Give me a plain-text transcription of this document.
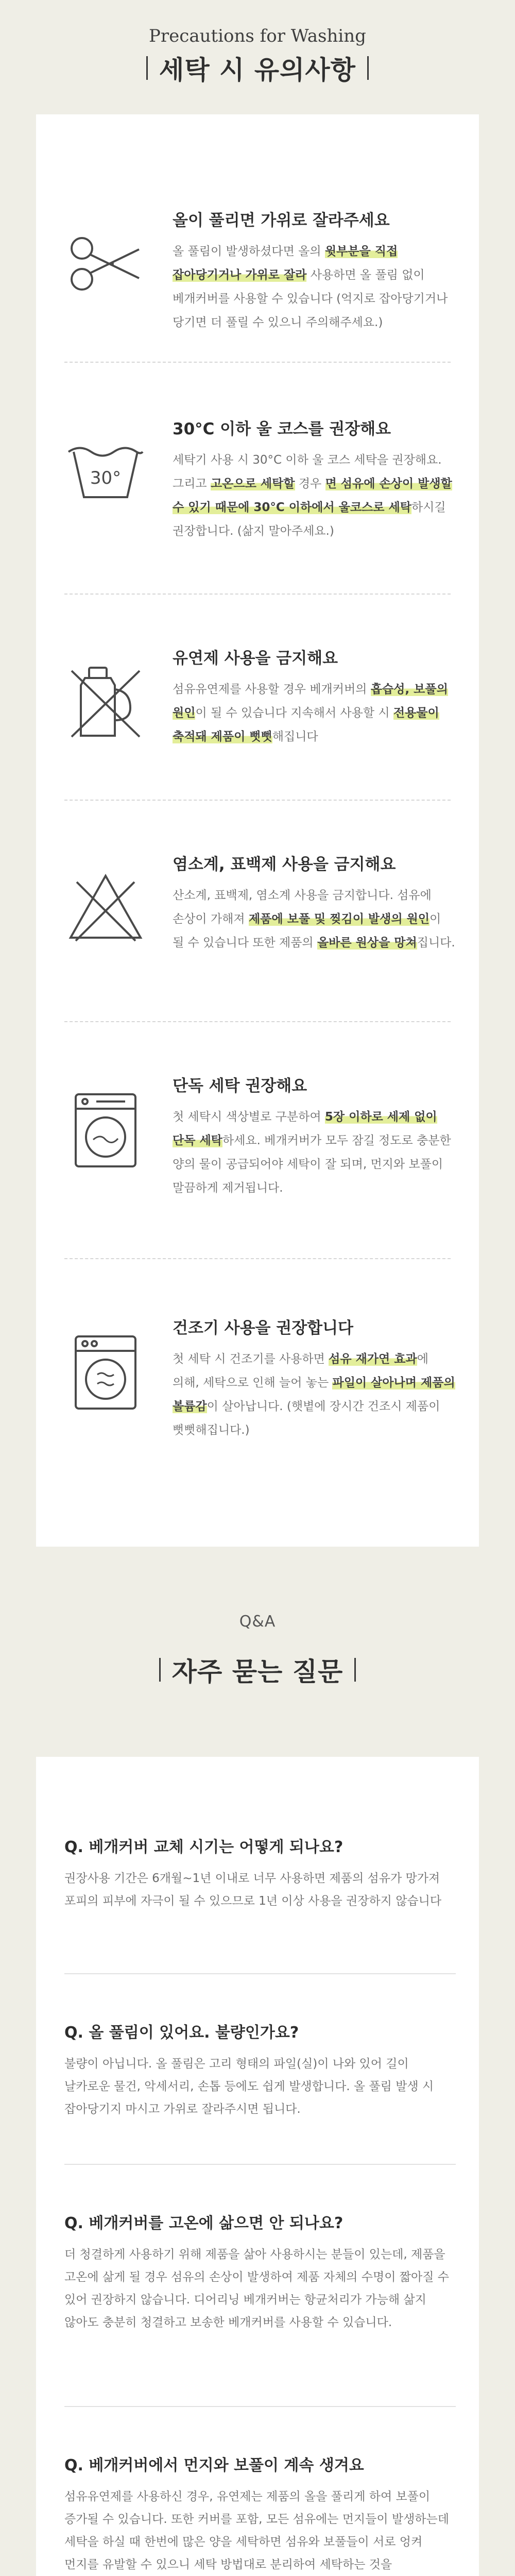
Precautions for Washing
세탁 시 유의사항
올이 풀리면 가위로 잘라주세요

올 풀림이 발생하셨다면 올의 윗부분을 직접 잡아당기거나 가위로 잘라 사용하면 올 풀림 없이 베개커버를 사용할 수 있습니다 (억지로 잡아당기거나 당기면 더 풀릴 수 있으니 주의해주세요.)

30°
30°C 이하 울 코스를 권장해요

세탁기 사용 시 30°C 이하 울 코스 세탁을 권장해요. 그리고 고온으로 세탁할 경우 면 섬유에 손상이 발생할 수 있기 때문에 30°C 이하에서 울코스로 세탁하시길 권장합니다. (삶지 말아주세요.)

유연제 사용을 금지해요

섬유유연제를 사용할 경우 베개커버의 흡습성, 보풀의 원인이 될 수 있습니다 지속해서 사용할 시 전용물이 축적돼 제품이 뻣뻣해집니다

염소계, 표백제 사용을 금지해요

산소계, 표백제, 염소계 사용을 금지합니다. 섬유에 손상이 가해져 제품에 보풀 및 찢김이 발생의 원인이 될 수 있습니다 또한 제품의 올바른 원상을 망쳐집니다.

단독 세탁 권장해요

첫 세탁시 색상별로 구분하여 5장 이하로 세제 없이 단독 세탁하세요. 베개커버가 모두 잠길 정도로 충분한 양의 물이 공급되어야 세탁이 잘 되며, 먼지와 보풀이 말끔하게 제거됩니다.

건조기 사용을 권장합니다

첫 세탁 시 건조기를 사용하면 섬유 재가연 효과에 의해, 세탁으로 인해 늘어 놓는 파일이 살아나며 제품의 볼륨감이 살아납니다. (햇볕에 장시간 건조시 제품이 뻣뻣해집니다.)

Q&A
자주 묻는 질문
Q. 베개커버 교체 시기는 어떻게 되나요?

권장사용 기간은 6개월~1년 이내로 너무 사용하면 제품의 섬유가 망가져 포피의 피부에 자극이 될 수 있으므로 1년 이상 사용을 권장하지 않습니다

Q. 올 풀림이 있어요. 불량인가요?

불량이 아닙니다. 올 풀림은 고리 형태의 파일(실)이 나와 있어 길이 날카로운 물건, 악세서리, 손톱 등에도 쉽게 발생합니다. 올 풀림 발생 시 잡아당기지 마시고 가위로 잘라주시면 됩니다.

Q. 베개커버를 고온에 삶으면 안 되나요?

더 청결하게 사용하기 위해 제품을 삶아 사용하시는 분들이 있는데, 제품을 고온에 삶게 될 경우 섬유의 손상이 발생하여 제품 자체의 수명이 짧아질 수 있어 권장하지 않습니다. 디어리닝 베개커버는 항균처리가 가능해 삶지 않아도 충분히 청결하고 보송한 베개커버를 사용할 수 있습니다.

Q. 베개커버에서 먼지와 보풀이 계속 생겨요

섬유유연제를 사용하신 경우, 유연제는 제품의 올을 풀리게 하여 보풀이 증가될 수 있습니다. 또한 커버를 포함, 모든 섬유에는 먼지들이 발생하는데 세탁을 하실 때 한번에 많은 양을 세탁하면 섬유와 보풀들이 서로 엉켜 먼지를 유발할 수 있으니 세탁 방법대로 분리하여 세탁하는 것을
